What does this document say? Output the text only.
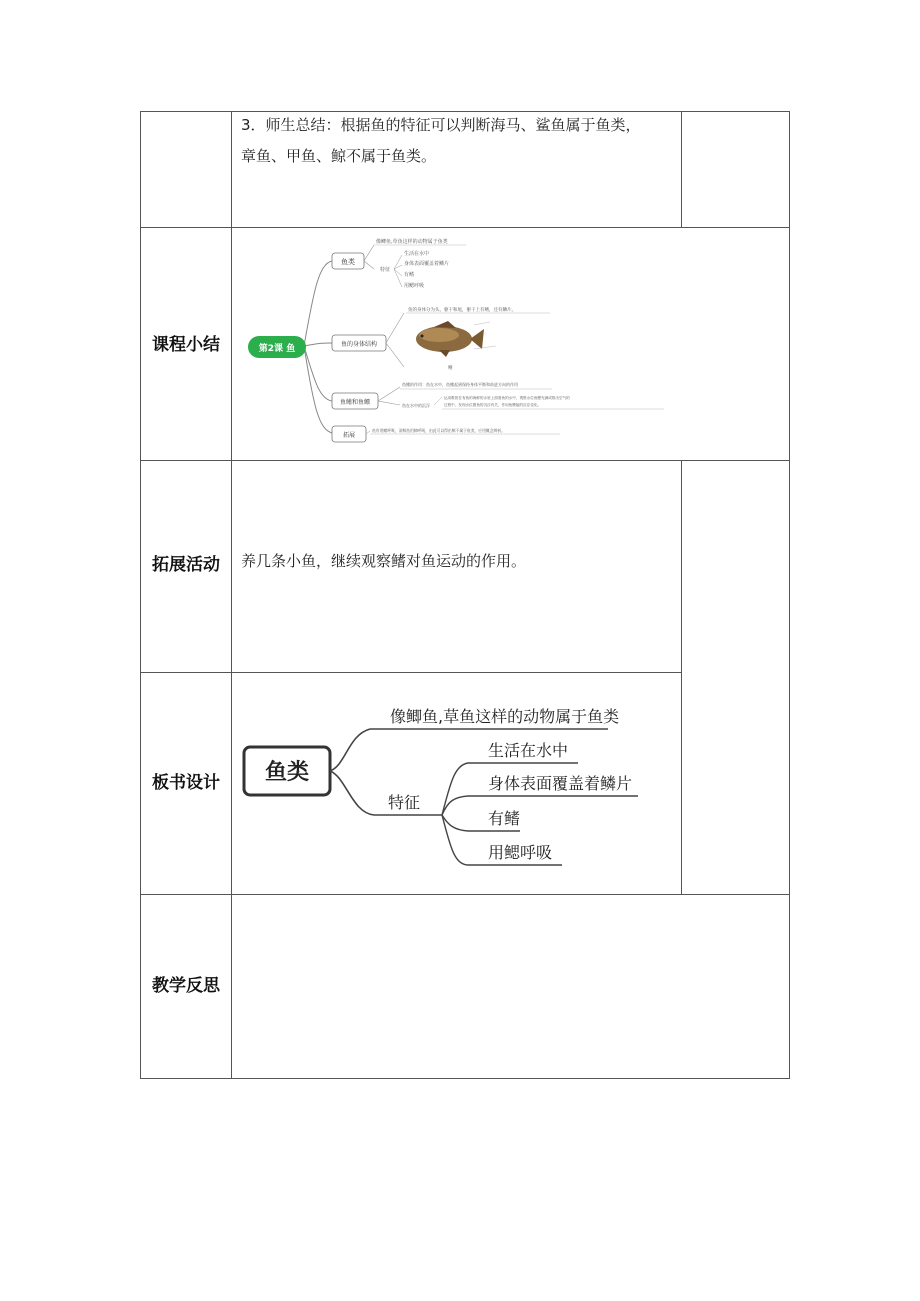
3．师生总结：根据鱼的特征可以判断海马、鲨鱼属于鱼类，
章鱼、甲鱼、鲸不属于鱼类。
课程小结	第2课 鱼
鱼类
像鲫鱼,草鱼这样的动物属于鱼类
特征
生活在水中
身体表面覆盖着鳞片
有鳍
用鳃呼吸
鱼的身体结构
鱼的身体分为头、躯干和尾，躯干上有鳍，还有鳞片。
鳍
鱼鳍和鱼鳔
鱼鳍的作用：鱼在水中，鱼鳍起到保持身体平衡和前进方向的作用
鱼在水中的沉浮
运用吸管在有鱼的海鲜的水里上面看鱼的水中，观察水位鱼鳔充满或排出空气的
过程中，发现水位跟鱼的沉浮有关，作用鱼鳔能的沉浮变化。
拓展
鱼有用鳃呼吸，而鲸鱼用肺呼吸，由此可以得出鲸不属于鱼类，应用概念辨析。
拓展活动	养几条小鱼，继续观察鳍对鱼运动的作用。
板书设计	鱼类
像鲫鱼,草鱼这样的动物属于鱼类
特征
生活在水中
身体表面覆盖着鳞片
有鳍
用鳃呼吸
教学反思
